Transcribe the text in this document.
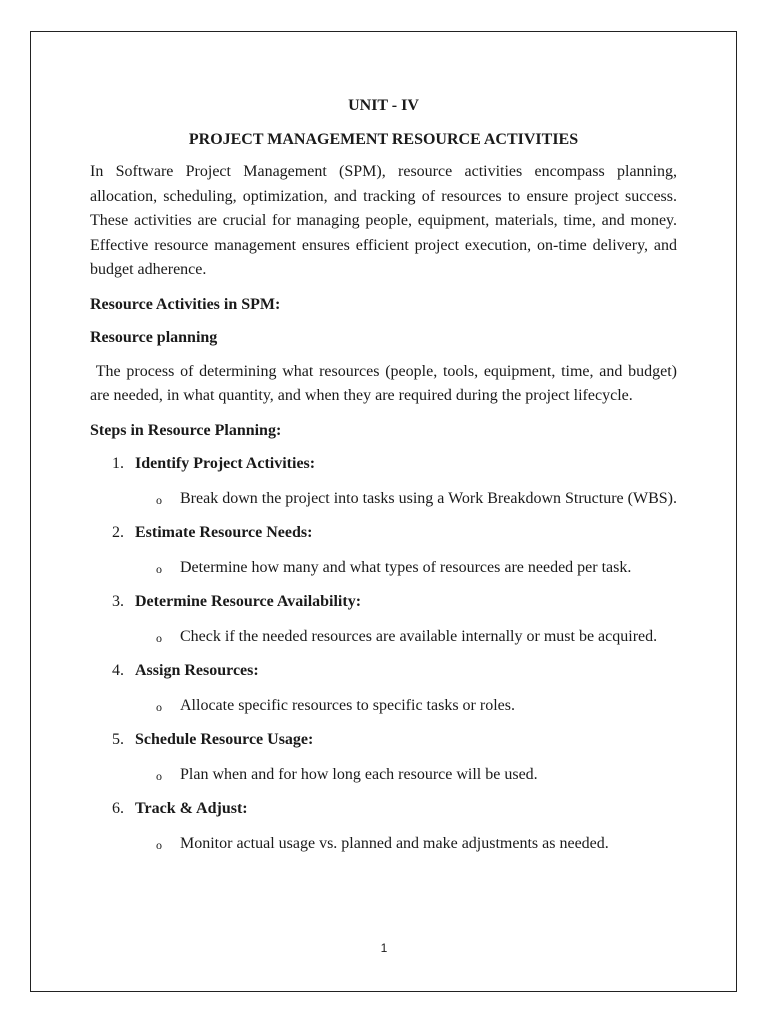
UNIT - IV
PROJECT MANAGEMENT RESOURCE ACTIVITIES

In Software Project Management (SPM), resource activities encompass planning, allocation, scheduling, optimization, and tracking of resources to ensure project success. These activities are crucial for managing people, equipment, materials, time, and money. Effective resource management ensures efficient project execution, on-time delivery, and budget adherence.

Resource Activities in SPM:
Resource planning

The process of determining what resources (people, tools, equipment, time, and budget) are needed, in what quantity, and when they are required during the project lifecycle.

Steps in Resource Planning:
1. Identify Project Activities:
o Break down the project into tasks using a Work Breakdown Structure (WBS).
2. Estimate Resource Needs:
o Determine how many and what types of resources are needed per task.
3. Determine Resource Availability:
o Check if the needed resources are available internally or must be acquired.
4. Assign Resources:
o Allocate specific resources to specific tasks or roles.
5. Schedule Resource Usage:
o Plan when and for how long each resource will be used.
6. Track & Adjust:
o Monitor actual usage vs. planned and make adjustments as needed.
1
